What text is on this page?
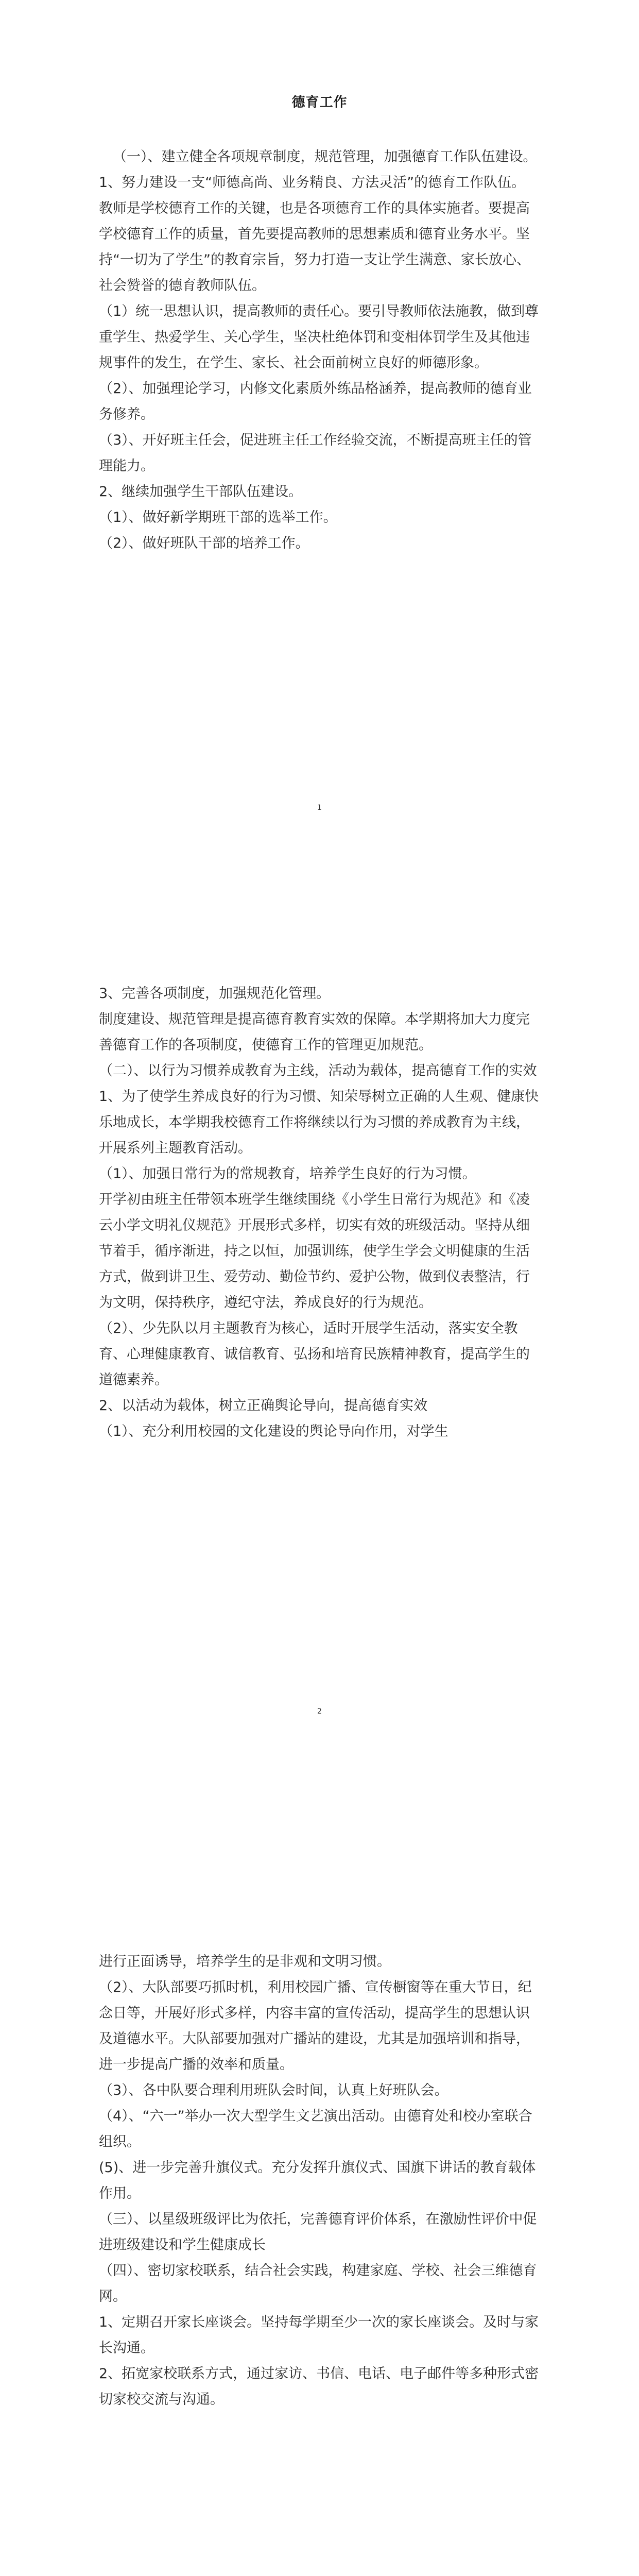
德育工作

（一）、建立健全各项规章制度，规范管理，加强德育工作队伍建设。

1、努力建设一支“师德高尚、业务精良、方法灵活”的德育工作队伍。

教师是学校德育工作的关键，也是各项德育工作的具体实施者。要提高学校德育工作的质量，首先要提高教师的思想素质和德育业务水平。坚持“一切为了学生”的教育宗旨，努力打造一支让学生满意、家长放心、社会赞誉的德育教师队伍。

（1）统一思想认识，提高教师的责任心。要引导教师依法施教，做到尊重学生、热爱学生、关心学生，坚决杜绝体罚和变相体罚学生及其他违规事件的发生，在学生、家长、社会面前树立良好的师德形象。

（2）、加强理论学习，内修文化素质外练品格涵养，提高教师的德育业务修养。

（3）、开好班主任会，促进班主任工作经验交流，不断提高班主任的管理能力。

2、继续加强学生干部队伍建设。

（1）、做好新学期班干部的选举工作。

（2）、做好班队干部的培养工作。

1

3、完善各项制度，加强规范化管理。

制度建设、规范管理是提高德育教育实效的保障。本学期将加大力度完善德育工作的各项制度，使德育工作的管理更加规范。

（二）、以行为习惯养成教育为主线，活动为载体，提高德育工作的实效

1、为了使学生养成良好的行为习惯、知荣辱树立正确的人生观、健康快乐地成长，本学期我校德育工作将继续以行为习惯的养成教育为主线，开展系列主题教育活动。

（1）、加强日常行为的常规教育，培养学生良好的行为习惯。

开学初由班主任带领本班学生继续围绕《小学生日常行为规范》和《凌云小学文明礼仪规范》开展形式多样，切实有效的班级活动。坚持从细节着手，循序渐进，持之以恒，加强训练，使学生学会文明健康的生活方式，做到讲卫生、爱劳动、勤俭节约、爱护公物，做到仪表整洁，行为文明，保持秩序，遵纪守法，养成良好的行为规范。

（2）、少先队以月主题教育为核心，适时开展学生活动，落实安全教育、心理健康教育、诚信教育、弘扬和培育民族精神教育，提高学生的道德素养。

2、以活动为载体，树立正确舆论导向，提高德育实效

（1）、充分利用校园的文化建设的舆论导向作用，对学生

2

进行正面诱导，培养学生的是非观和文明习惯。

（2）、大队部要巧抓时机，利用校园广播、宣传橱窗等在重大节日，纪念日等，开展好形式多样，内容丰富的宣传活动，提高学生的思想认识及道德水平。大队部要加强对广播站的建设，尤其是加强培训和指导，进一步提高广播的效率和质量。

（3）、各中队要合理利用班队会时间，认真上好班队会。

（4）、“六一”举办一次大型学生文艺演出活动。由德育处和校办室联合组织。

(5)、进一步完善升旗仪式。充分发挥升旗仪式、国旗下讲话的教育载体作用。

（三）、以星级班级评比为依托，完善德育评价体系，在激励性评价中促进班级建设和学生健康成长

（四）、密切家校联系，结合社会实践，构建家庭、学校、社会三维德育网。

1、定期召开家长座谈会。坚持每学期至少一次的家长座谈会。及时与家长沟通。

2、拓宽家校联系方式，通过家访、书信、电话、电子邮件等多种形式密切家校交流与沟通。
